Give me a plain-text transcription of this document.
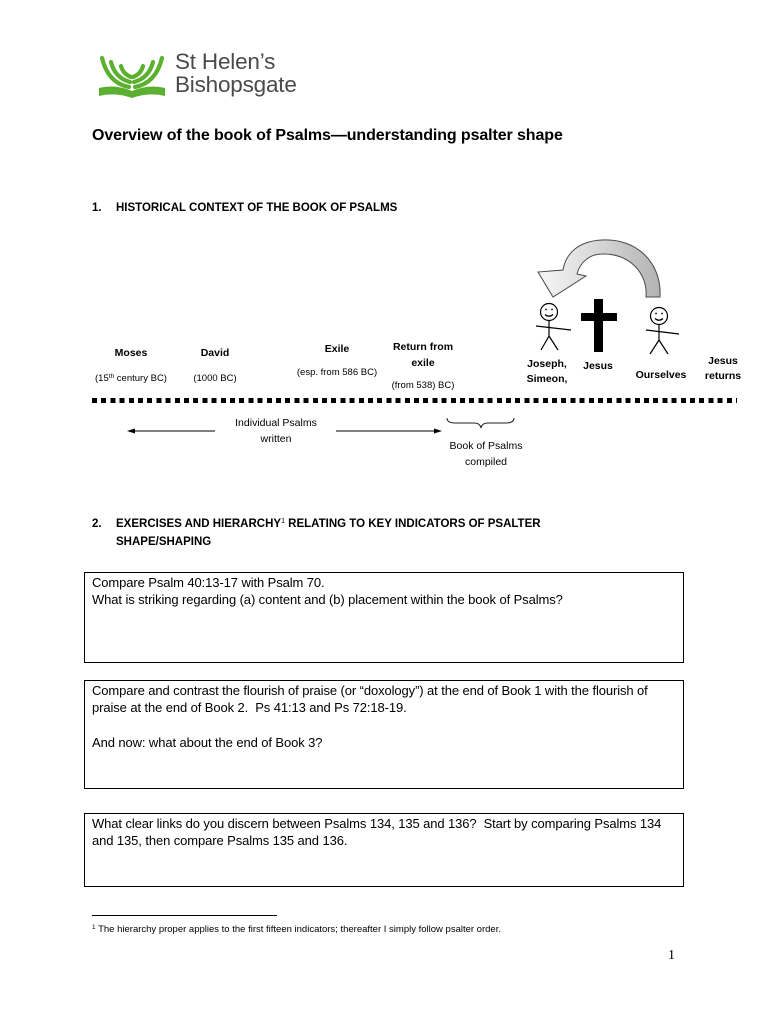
St Helen’s
Bishopsgate
Overview of the book of Psalms—understanding psalter shape
1. HISTORICAL CONTEXT OF THE BOOK OF PSALMS
Moses
(15th century BC)
David
(1000 BC)
Exile
(esp. from 586 BC)
Return from
exile
(from 538) BC)
Joseph,
Simeon,
Jesus
Ourselves
Jesus
returns
Individual Psalms
written
Book of Psalms
compiled
2. EXERCISES AND HIERARCHY$^1$ RELATING TO KEY INDICATORS OF PSALTER
SHAPE/SHAPING

Compare Psalm 40:13-17 with Psalm 70.

What is striking regarding (a) content and (b) placement within the book of Psalms?

Compare and contrast the flourish of praise (or “doxology”) at the end of Book 1 with the flourish of praise at the end of Book 2.  Ps 41:13 and Ps 72:18-19.

And now: what about the end of Book 3?

What clear links do you discern between Psalms 134, 135 and 136?  Start by comparing Psalms 134 and 135, then compare Psalms 135 and 136.

$^1$ The hierarchy proper applies to the first fifteen indicators; thereafter I simply follow psalter order.
1
